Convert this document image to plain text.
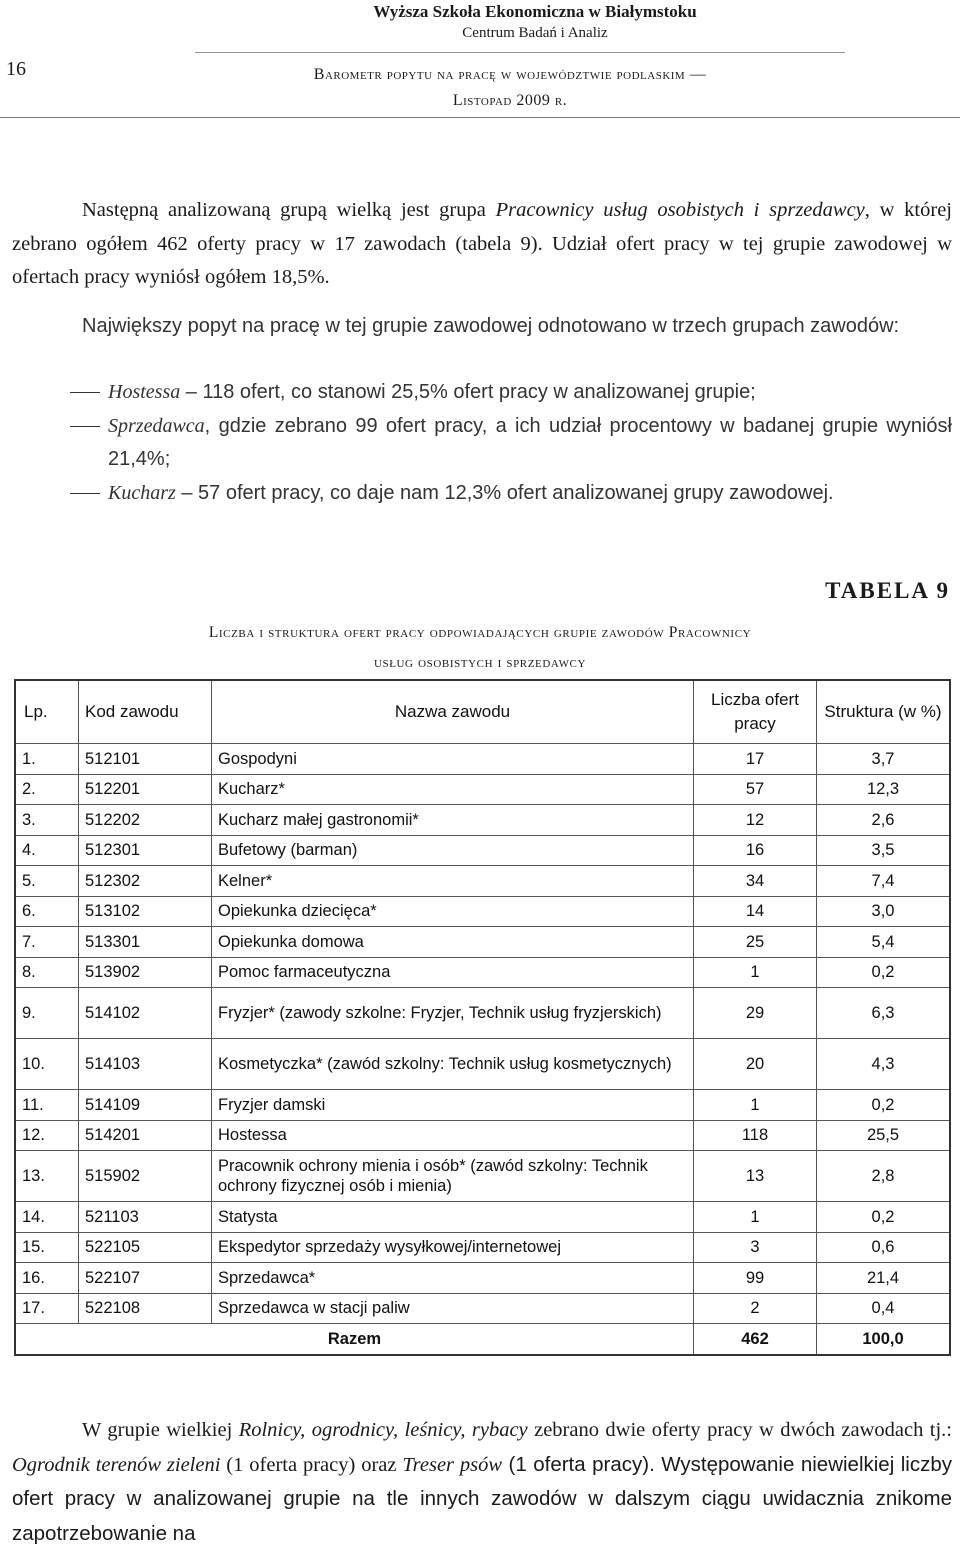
16
Wyższa Szkoła Ekonomiczna w Białymstoku
Centrum Badań i Analiz
Barometr popytu na pracę w województwie podlaskim —
Listopad 2009 r.
Następną analizowaną grupą wielką jest grupa Pracownicy usług osobistych i sprzedawcy, w której zebrano ogółem 462 oferty pracy w 17 zawodach (tabela 9). Udział ofert pracy w tej grupie zawodowej w ofertach pracy wyniósł ogółem 18,5%.
Największy popyt na pracę w tej grupie zawodowej odnotowano w trzech grupach zawodów:
Hostessa – 118 ofert, co stanowi 25,5% ofert pracy w analizowanej grupie;
Sprzedawca, gdzie zebrano 99 ofert pracy, a ich udział procentowy w badanej grupie wyniósł 21,4%;
Kucharz – 57 ofert pracy, co daje nam 12,3% ofert analizowanej grupy zawodowej.
TABELA 9
Liczba i struktura ofert pracy odpowiadających grupie zawodów Pracownicy
usług osobistych i sprzedawcy
Lp.	Kod zawodu	Nazwa zawodu	Liczba ofert pracy	Struktura (w %)
1.	512101	Gospodyni	17	3,7
2.	512201	Kucharz*	57	12,3
3.	512202	Kucharz małej gastronomii*	12	2,6
4.	512301	Bufetowy (barman)	16	3,5
5.	512302	Kelner*	34	7,4
6.	513102	Opiekunka dziecięca*	14	3,0
7.	513301	Opiekunka domowa	25	5,4
8.	513902	Pomoc farmaceutyczna	1	0,2
9.	514102	Fryzjer* (zawody szkolne: Fryzjer, Technik usług fryzjerskich)	29	6,3
10.	514103	Kosmetyczka* (zawód szkolny: Technik usług kosmetycznych)	20	4,3
11.	514109	Fryzjer damski	1	0,2
12.	514201	Hostessa	118	25,5
13.	515902	Pracownik ochrony mienia i osób* (zawód szkolny: Technik ochrony fizycznej osób i mienia)	13	2,8
14.	521103	Statysta	1	0,2
15.	522105	Ekspedytor sprzedaży wysyłkowej/internetowej	3	0,6
16.	522107	Sprzedawca*	99	21,4
17.	522108	Sprzedawca w stacji paliw	2	0,4
Razem			462	100,0
W grupie wielkiej Rolnicy, ogrodnicy, leśnicy, rybacy zebrano dwie oferty pracy w dwóch zawodach tj.: Ogrodnik terenów zieleni (1 oferta pracy) oraz Treser psów (1 oferta pracy). Występowanie niewielkiej liczby ofert pracy w analizowanej grupie na tle innych zawodów w dalszym ciągu uwidacznia znikome zapotrzebowanie na
